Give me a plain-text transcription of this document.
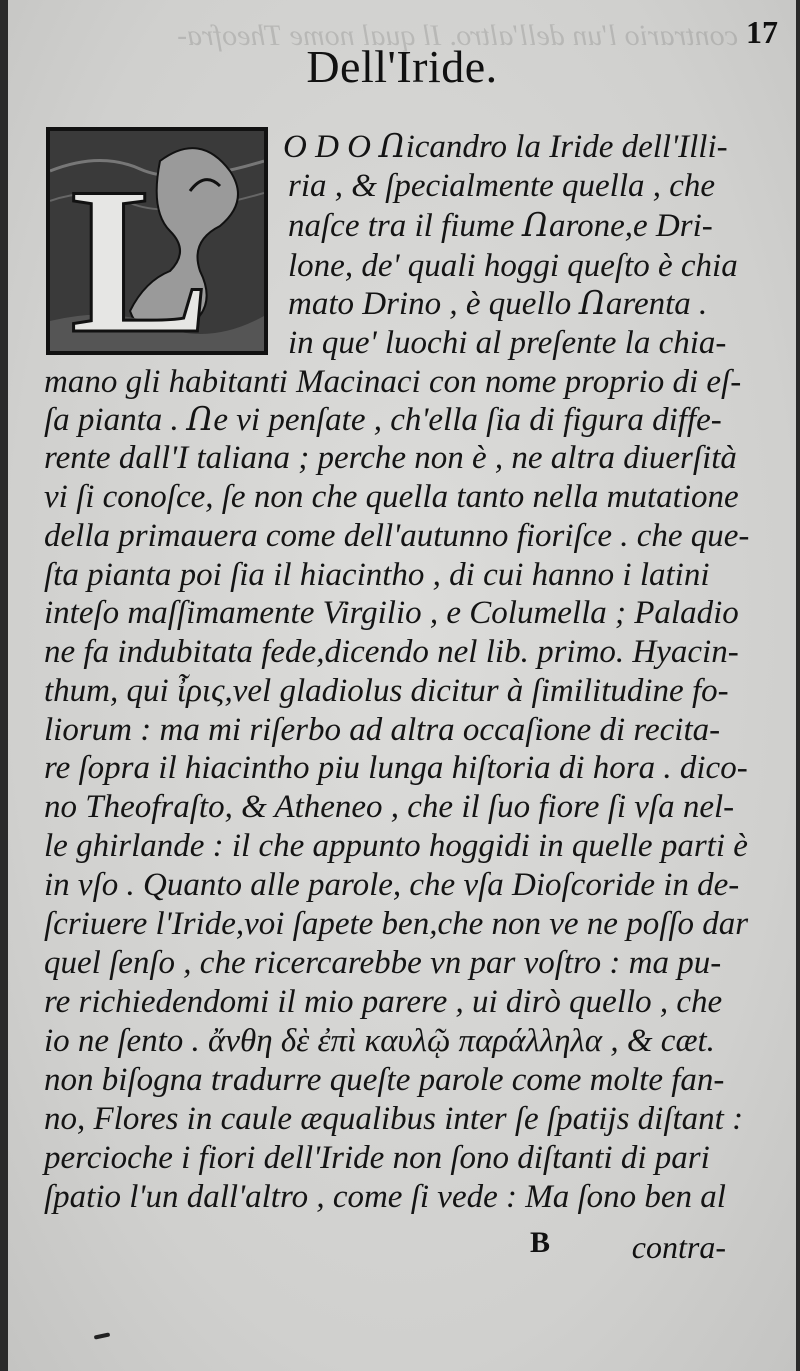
contrario l'un dell'altro. Il qual nome Theofra- 17
Dell'Iride.
L O D O Ոicandro la Iride dell'Illi-
ria , & ſpecialmente quella , che
naſce tra il fiume Ոarone,e Dri-
lone, de' quali hoggi queſto è chia
mato Drino , è quello Ոarenta .
in que' luochi al preſente la chia-
mano gli habitanti Macinaci con nome proprio di eſ-
ſa pianta . Ոe vi penſate , ch'ella ſia di figura diffe-
rente dall'I taliana ; perche non è , ne altra diuerſità
vi ſi conoſce, ſe non che quella tanto nella mutatione
della primauera come dell'autunno fioriſce . che que-
ſta pianta poi ſia il hiacintho , di cui hanno i latini
inteſo maſſimamente Virgilio , e Columella ; Paladio
ne fa indubitata fede,dicendo nel lib. primo. Hyacin-
thum, qui ἶρις,vel gladiolus dicitur à ſimilitudine fo-
liorum : ma mi riſerbo ad altra occaſione di recita-
re ſopra il hiacintho piu lunga hiſtoria di hora . dico-
no Theofraſto, & Atheneo , che il ſuo fiore ſi vſa nel-
le ghirlande : il che appunto hoggidi in quelle parti è
in vſo . Quanto alle parole, che vſa Dioſcoride in de-
ſcriuere l'Iride,voi ſapete ben,che non ve ne poſſo dar
quel ſenſo , che ricercarebbe vn par voſtro : ma pu-
re richiedendomi il mio parere , ui dirò quello , che
io ne ſento . ἄνθη δὲ ἐπὶ καυλῷ παράλληλα , & cæt.
non biſogna tradurre queſte parole come molte fan-
no, Flores in caule æqualibus inter ſe ſpatijs diſtant :
percioche i fiori dell'Iride non ſono diſtanti di pari
ſpatio l'un dall'altro , come ſi vede : Ma ſono ben al
B	contra-
